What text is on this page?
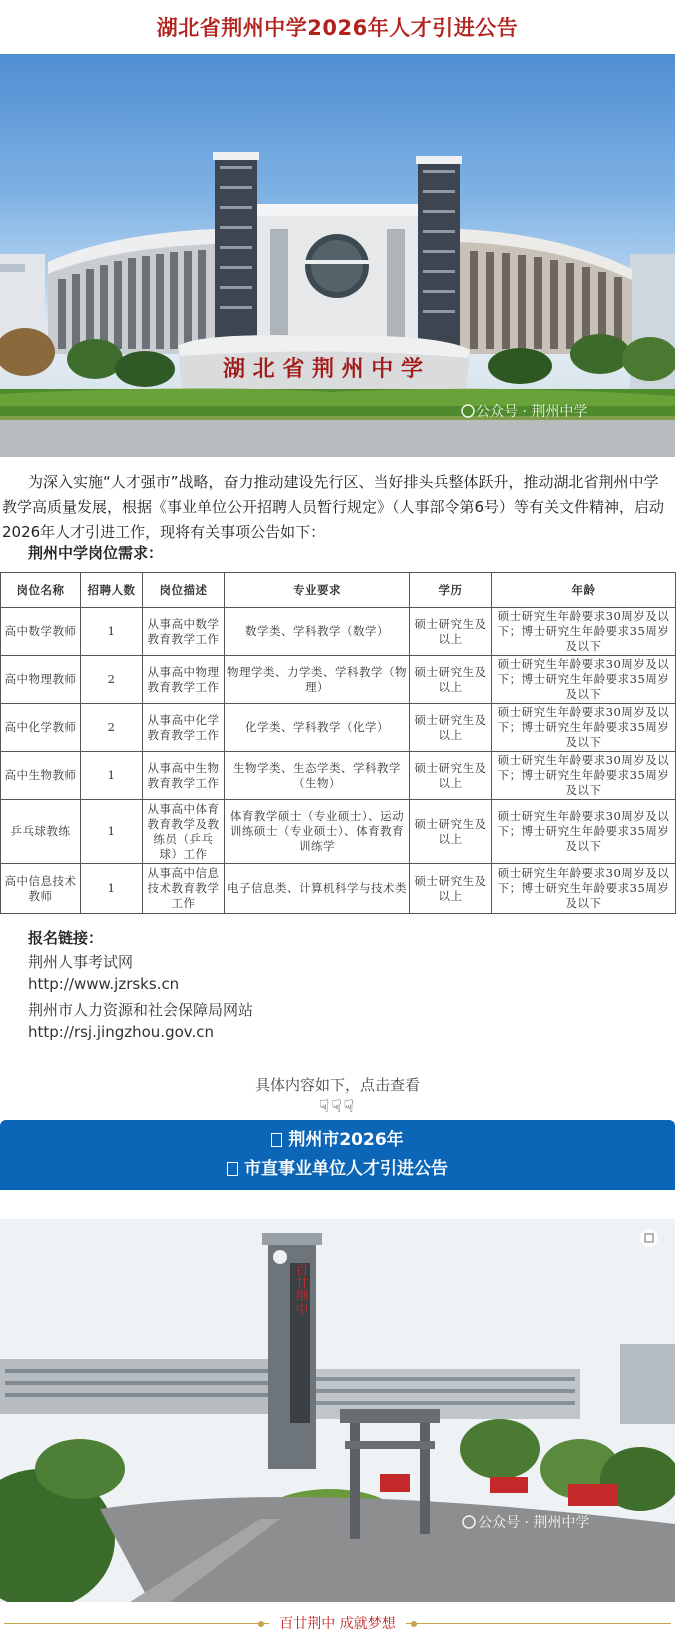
湖北省荆州中学2026年人才引进公告
湖 北 省 荆 州 中 学
公众号 · 荆州中学
为深入实施“人才强市”战略，奋力推动建设先行区、当好排头兵整体跃升，推动湖北省荆州中学教学高质量发展，根据《事业单位公开招聘人员暂行规定》（人事部令第6号）等有关文件精神，启动2026年人才引进工作，现将有关事项公告如下：
荆州中学岗位需求：
岗位名称	招聘人数	岗位描述	专业要求	学历	年龄
高中数学教师	1	从事高中数学教育教学工作	数学类、学科教学（数学）	硕士研究生及以上	硕士研究生年龄要求30周岁及以下；博士研究生年龄要求35周岁及以下
高中物理教师	2	从事高中物理教育教学工作	物理学类、力学类、学科教学（物理）	硕士研究生及以上	硕士研究生年龄要求30周岁及以下；博士研究生年龄要求35周岁及以下
高中化学教师	2	从事高中化学教育教学工作	化学类、学科教学（化学）	硕士研究生及以上	硕士研究生年龄要求30周岁及以下；博士研究生年龄要求35周岁及以下
高中生物教师	1	从事高中生物教育教学工作	生物学类、生态学类、学科教学（生物）	硕士研究生及以上	硕士研究生年龄要求30周岁及以下；博士研究生年龄要求35周岁及以下
乒乓球教练	1	从事高中体育教育教学及教练员（乒乓球）工作	体育教学硕士（专业硕士）、运动训练硕士（专业硕士）、体育教育训练学	硕士研究生及以上	硕士研究生年龄要求30周岁及以下；博士研究生年龄要求35周岁及以下
高中信息技术教师	1	从事高中信息技术教育教学工作	电子信息类、计算机科学与技术类	硕士研究生及以上	硕士研究生年龄要求30周岁及以下；博士研究生年龄要求35周岁及以下
报名链接：
荆州人事考试网
http://www.jzrsks.cn
荆州市人力资源和社会保障局网站
http://rsj.jingzhou.gov.cn
具体内容如下，点击查看
☟☟☟
荆州市2026年
市直事业单位人才引进公告
百廿荆中
公众号 · 荆州中学
百廿荆中 成就梦想
